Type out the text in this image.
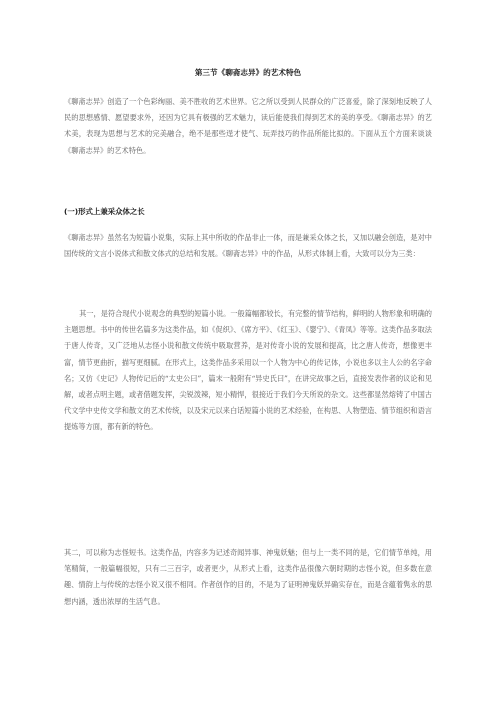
第三节《聊斋志异》的艺术特色

《聊斋志异》创造了一个色彩绚丽、美不胜收的艺术世界。它之所以受到人民群众的广泛喜爱，除了深刻地反映了人民的思想感情、愿望要求外，还因为它具有极强的艺术魅力，读后能使我们得到艺术的美的享受。《聊斋志异》的艺术美，表现为思想与艺术的完美融合，绝不是那些逞才使气、玩弄技巧的作品所能比拟的。下面从五个方面来谈谈《聊斋志异》的艺术特色。

(一)形式上兼采众体之长

《聊斋志异》虽然名为短篇小说集，实际上其中所收的作品非止一体，而是兼采众体之长，又加以融会创造，是对中国传统的文言小说体式和散文体式的总结和发展。《聊斋志异》中的作品，从形式体制上看，大致可以分为三类：

其一，是符合现代小说观念的典型的短篇小说。一般篇幅都较长，有完整的情节结构，鲜明的人物形象和明确的主题思想。书中的传世名篇多为这类作品，如《促织》、《席方平》、《红玉》、《婴宁》、《青凤》等等。这类作品多取法于唐人传奇，又广泛地从志怪小说和散文传统中吸取营养，是对传奇小说的发展和提高，比之唐人传奇，想像更丰富，情节更曲折，描写更细腻。在形式上，这类作品多采用以一个人物为中心的传记体，小说也多以主人公的名字命名；又仿《史记》人物传记后的“太史公曰”，篇末一般附有“异史氏曰”，在讲完故事之后，直接发表作者的议论和见解，或者点明主题，或者借题发挥，尖锐泼辣，短小精悍，很接近于我们今天所说的杂文。这些都显然熔铸了中国古代文学中史传文学和散文的艺术传统，以及宋元以来白话短篇小说的艺术经验，在构思、人物塑造、情节组织和语言提炼等方面，都有新的特色。

其二，可以称为志怪短书。这类作品，内容多为记述奇闻异事、神鬼妖魅；但与上一类不同的是，它们情节单纯，用笔精简，一般篇幅很短，只有二三百字，或者更少，从形式上看，这类作品很像六朝时期的志怪小说，但多数在意趣、情韵上与传统的志怪小说又很不相同。作者创作的目的，不是为了证明神鬼妖异确实存在，而是含蕴着隽永的思想内涵，透出浓厚的生活气息。
